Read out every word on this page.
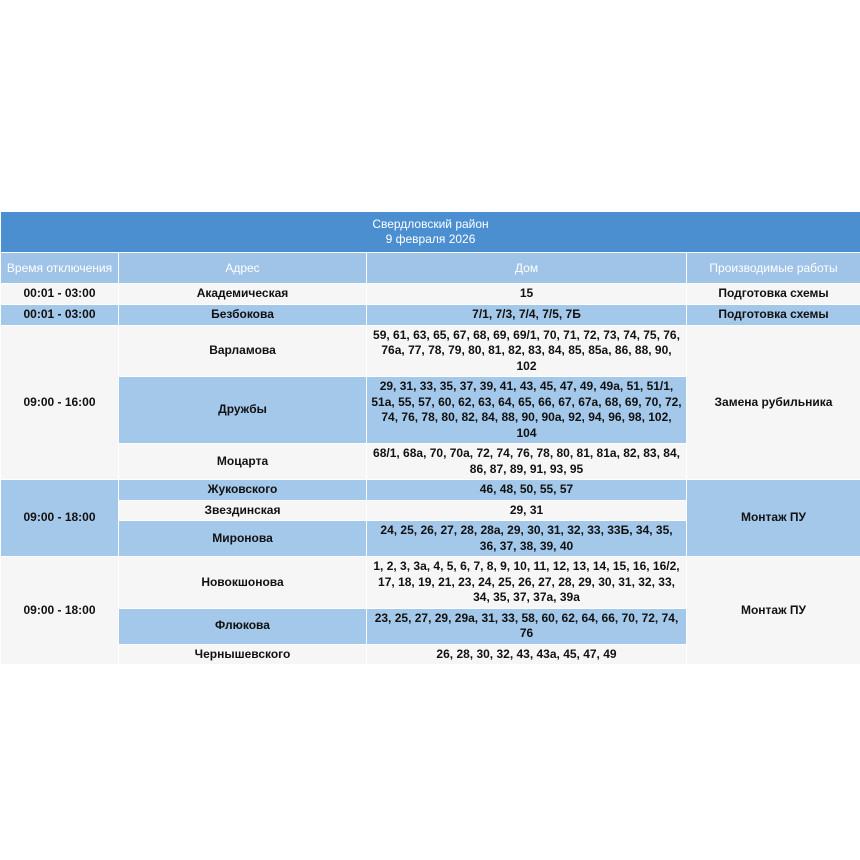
Свердловский район
9 февраля 2026			

Время отключения	Адрес	Дом	Производимые работы
00:01 - 03:00	Академическая	15	Подготовка схемы
00:01 - 03:00	Безбокова	7/1, 7/3, 7/4, 7/5, 7Б	Подготовка схемы
09:00 - 16:00	Варламова	59, 61, 63, 65, 67, 68, 69, 69/1, 70, 71, 72, 73, 74, 75, 76, 76а, 77, 78, 79, 80, 81, 82, 83, 84, 85, 85а, 86, 88, 90, 102	Замена рубильника
	Дружбы	29, 31, 33, 35, 37, 39, 41, 43, 45, 47, 49, 49а, 51, 51/1, 51а, 55, 57, 60, 62, 63, 64, 65, 66, 67, 67а, 68, 69, 70, 72, 74, 76, 78, 80, 82, 84, 88, 90, 90а, 92, 94, 96, 98, 102, 104	
	Моцарта	68/1, 68а, 70, 70а, 72, 74, 76, 78, 80, 81, 81а, 82, 83, 84, 86, 87, 89, 91, 93, 95	
09:00 - 18:00	Жуковского	46, 48, 50, 55, 57	Монтаж ПУ
	Звездинская	29, 31	
	Миронова	24, 25, 26, 27, 28, 28а, 29, 30, 31, 32, 33, 33Б, 34, 35, 36, 37, 38, 39, 40	
09:00 - 18:00	Новокшонова	1, 2, 3, 3а, 4, 5, 6, 7, 8, 9, 10, 11, 12, 13, 14, 15, 16, 16/2, 17, 18, 19, 21, 23, 24, 25, 26, 27, 28, 29, 30, 31, 32, 33, 34, 35, 37, 37а, 39а	Монтаж ПУ
	Флюкова	23, 25, 27, 29, 29а, 31, 33, 58, 60, 62, 64, 66, 70, 72, 74, 76	
	Чернышевского	26, 28, 30, 32, 43, 43а, 45, 47, 49	
